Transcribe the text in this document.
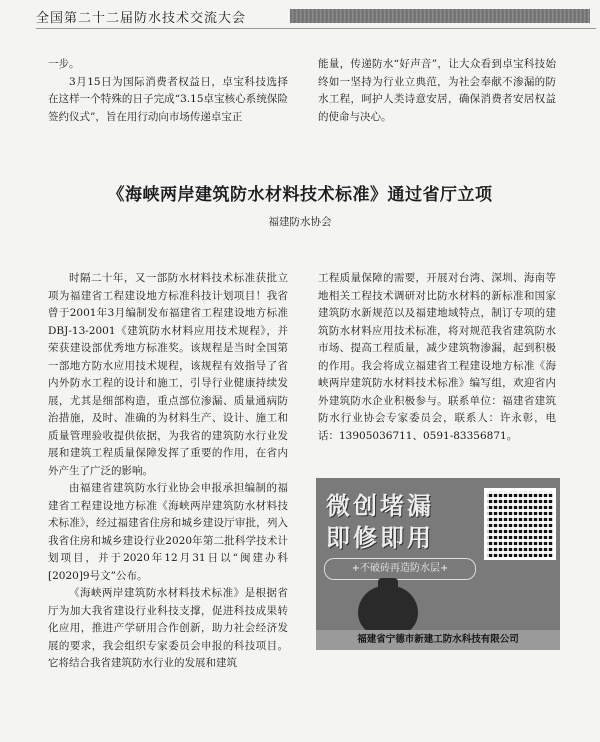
全国第二十二届防水技术交流大会

一步。

3月15日为国际消费者权益日，卓宝科技选择在这样一个特殊的日子完成“3.15卓宝核心系统保险签约仪式”，旨在用行动向市场传递卓宝正

能量，传递防水“好声音”，让大众看到卓宝科技始终如一坚持为行业立典范，为社会奉献不渗漏的防水工程，呵护人类诗意安居，确保消费者安居权益的使命与决心。

《海峡两岸建筑防水材料技术标准》通过省厅立项
福建防水协会

时隔二十年，又一部防水材料技术标准获批立项为福建省工程建设地方标准科技计划项目！我省曾于2001年3月编制发布福建省工程建设地方标准DBJ-13-2001《建筑防水材料应用技术规程》，并荣获建设部优秀地方标准奖。该规程是当时全国第一部地方防水应用技术规程，该规程有效指导了省内外防水工程的设计和施工，引导行业健康持续发展，尤其是细部构造，重点部位渗漏、质量通病防治措施，及时、准确的为材料生产、设计、施工和质量管理验收提供依据，为我省的建筑防水行业发展和建筑工程质量保障发挥了重要的作用，在省内外产生了广泛的影响。

由福建省建筑防水行业协会申报承担编制的福建省工程建设地方标准《海峡两岸建筑防水材料技术标准》，经过福建省住房和城乡建设厅审批，列入我省住房和城乡建设行业2020年第二批科学技术计划项目，并于2020年12月31日以“闽建办科[2020]9号文”公布。

《海峡两岸建筑防水材料技术标准》是根据省厅为加大我省建设行业科技支撑，促进科技成果转化应用，推进产学研用合作创新，助力社会经济发展的要求，我会组织专家委员会申报的科技项目。它将结合我省建筑防水行业的发展和建筑

工程质量保障的需要，开展对台湾、深圳、海南等地相关工程技术调研对比防水材料的新标准和国家建筑防水新规范以及福建地域特点，制订专项的建筑防水材料应用技术标准，将对规范我省建筑防水市场、提高工程质量，减少建筑物渗漏，起到积极的作用。我会将成立福建省工程建设地方标准《海峡两岸建筑防水材料技术标准》编写组，欢迎省内外建筑防水企业积极参与。联系单位：福建省建筑防水行业协会专家委员会，联系人：许永彰，电话：13905036711、0591-83356871。

微创堵漏
即修即用
+不破砖再造防水层+
福建省宁德市新建工防水科技有限公司
